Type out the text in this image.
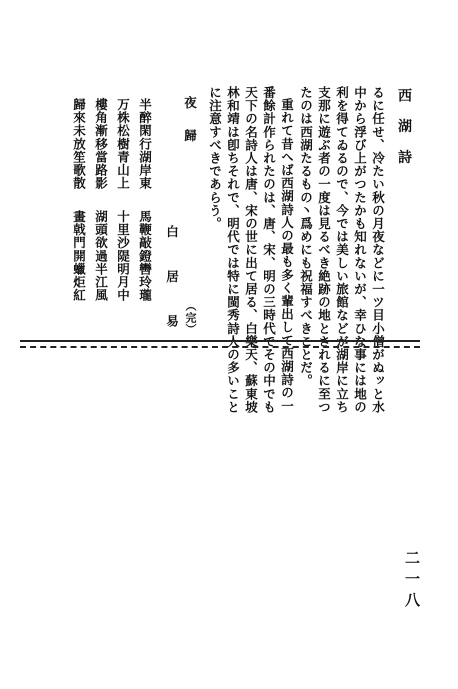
西 湖 詩
るに任せ、冷たい秋の月夜などに一ツ目小僧がぬッと水
中から浮び上がつたかも知れないが、幸ひな事には地の
利を得てゐるので、今では美しい旅館などが湖岸に立ち
支那に遊ぶ者の一度は見るべき絶跡の地とされるに至つ
たのは西湖たるもの丶爲めにも祝福すべきことだ。
重れて昔へば西湖詩人の最も多く輩出して西湖詩の一
番餘計作られたのは、唐、宋、明の三時代でその中でも
天下の名詩人は唐、宋の世に出て居る、白樂天、蘇東坡
林和靖は卽ちそれで、明代では特に閩秀詩人の多いこと
に注意すべきであらう。
（完）
夜　歸
白 居 易
半醉閑行湖岸東
馬鞭敲鐙轡玲瓏
万株松樹青山上
十里沙隄明月中
樓角漸移當路影
湖頭欲過半江風
歸來未放笙歌散
畫戟門開蠟炬紅
二一八
